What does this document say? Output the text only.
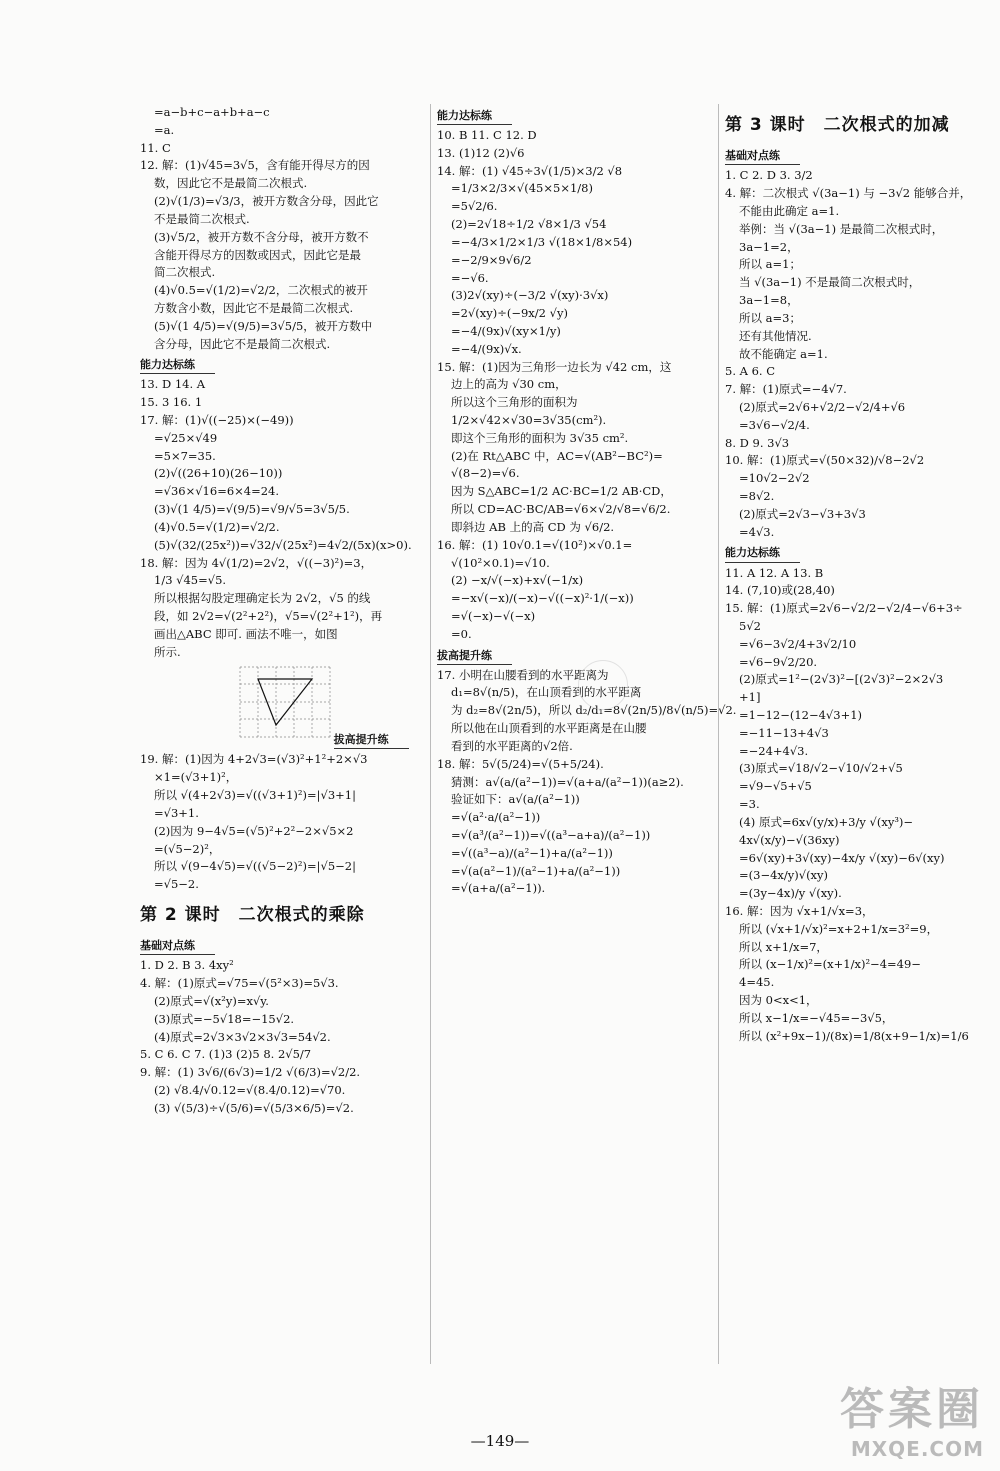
=a−b+c−a+b+a−c
=a.
11. C
12. 解：(1)√45=3√5，含有能开得尽方的因
数，因此它不是最简二次根式.
(2)√(1/3)=√3/3，被开方数含分母，因此它
不是最简二次根式.
(3)√5/2，被开方数不含分母，被开方数不
含能开得尽方的因数或因式，因此它是最
简二次根式.
(4)√0.5=√(1/2)=√2/2，二次根式的被开
方数含小数，因此它不是最简二次根式.
(5)√(1 4/5)=√(9/5)=3√5/5，被开方数中
含分母，因此它不是最简二次根式.
能力达标练
13. D 14. A
15. 3 16. 1
17. 解：(1)√((−25)×(−49))
=√25×√49
=5×7=35.
(2)√((26+10)(26−10))
=√36×√16=6×4=24.
(3)√(1 4/5)=√(9/5)=√9/√5=3√5/5.
(4)√0.5=√(1/2)=√2/2.
(5)√(32/(25x²))=√32/√(25x²)=4√2/(5x)(x>0).
18. 解：因为 4√(1/2)=2√2，√((−3)²)=3，
1/3 √45=√5.
所以根据勾股定理确定长为 2√2，√5 的线
段，如 2√2=√(2²+2²)，√5=√(2²+1²)，再
画出△ABC 即可. 画法不唯一，如图
所示.
拔高提升练
19. 解：(1)因为 4+2√3=(√3)²+1²+2×√3
×1=(√3+1)²，
所以 √(4+2√3)=√((√3+1)²)=|√3+1|
=√3+1.
(2)因为 9−4√5=(√5)²+2²−2×√5×2
=(√5−2)²，
所以 √(9−4√5)=√((√5−2)²)=|√5−2|
=√5−2.
第 2 课时　二次根式的乘除
基础对点练
1. D 2. B 3. 4xy²
4. 解：(1)原式=√75=√(5²×3)=5√3.
(2)原式=√(x²y)=x√y.
(3)原式=−5√18=−15√2.
(4)原式=2√3×3√2×3√3=54√2.
5. C 6. C 7. (1)3 (2)5 8. 2√5/7
9. 解：(1) 3√6/(6√3)=1/2 √(6/3)=√2/2.
(2) √8.4/√0.12=√(8.4/0.12)=√70.
(3) √(5/3)÷√(5/6)=√(5/3×6/5)=√2.
能力达标练
10. B 11. C 12. D
13. (1)12 (2)√6
14. 解：(1) √45÷3√(1/5)×3/2 √8
=1/3×2/3×√(45×5×1/8)
=5√2/6.
(2)=2√18÷1/2 √8×1/3 √54
=−4/3×1/2×1/3 √(18×1/8×54)
=−2/9×9√6/2
=−√6.
(3)2√(xy)÷(−3/2 √(xy)·3√x)
=2√(xy)÷(−9x/2 √y)
=−4/(9x)√(xy×1/y)
=−4/(9x)√x.
15. 解：(1)因为三角形一边长为 √42 cm，这
边上的高为 √30 cm，
所以这个三角形的面积为
1/2×√42×√30=3√35(cm²).
即这个三角形的面积为 3√35 cm².
(2)在 Rt△ABC 中，AC=√(AB²−BC²)=
√(8−2)=√6.
因为 S△ABC=1/2 AC·BC=1/2 AB·CD，
所以 CD=AC·BC/AB=√6×√2/√8=√6/2.
即斜边 AB 上的高 CD 为 √6/2.
16. 解：(1) 10√0.1=√(10²)×√0.1=
√(10²×0.1)=√10.
(2) −x/√(−x)+x√(−1/x)
=−x√(−x)/(−x)−√((−x)²·1/(−x))
=√(−x)−√(−x)
=0.
拔高提升练
17. 小明在山腰看到的水平距离为
d₁=8√(n/5)，在山顶看到的水平距离
为 d₂=8√(2n/5)，所以 d₂/d₁=8√(2n/5)/8√(n/5)=√2.
所以他在山顶看到的水平距离是在山腰
看到的水平距离的√2倍.
18. 解：5√(5/24)=√(5+5/24).
猜测：a√(a/(a²−1))=√(a+a/(a²−1))(a≥2).
验证如下：a√(a/(a²−1))
=√(a²·a/(a²−1))
=√(a³/(a²−1))=√((a³−a+a)/(a²−1))
=√((a³−a)/(a²−1)+a/(a²−1))
=√(a(a²−1)/(a²−1)+a/(a²−1))
=√(a+a/(a²−1)).
第 3 课时　二次根式的加减
基础对点练
1. C 2. D 3. 3/2
4. 解：二次根式 √(3a−1) 与 −3√2 能够合并，
不能由此确定 a=1.
举例：当 √(3a−1) 是最简二次根式时，
3a−1=2，
所以 a=1；
当 √(3a−1) 不是最简二次根式时，
3a−1=8，
所以 a=3；
还有其他情况.
故不能确定 a=1.
5. A 6. C
7. 解：(1)原式=−4√7.
(2)原式=2√6+√2/2−√2/4+√6
=3√6−√2/4.
8. D 9. 3√3
10. 解：(1)原式=√(50×32)/√8−2√2
=10√2−2√2
=8√2.
(2)原式=2√3−√3+3√3
=4√3.
能力达标练
11. A 12. A 13. B
14. (7,10)或(28,40)
15. 解：(1)原式=2√6−√2/2−√2/4−√6+3÷
5√2
=√6−3√2/4+3√2/10
=√6−9√2/20.
(2)原式=1²−(2√3)²−[(2√3)²−2×2√3
+1]
=1−12−(12−4√3+1)
=−11−13+4√3
=−24+4√3.
(3)原式=√18/√2−√10/√2+√5
=√9−√5+√5
=3.
(4) 原式=6x√(y/x)+3/y √(xy³)−
4x√(x/y)−√(36xy)
=6√(xy)+3√(xy)−4x/y √(xy)−6√(xy)
=(3−4x/y)√(xy)
=(3y−4x)/y √(xy).
16. 解：因为 √x+1/√x=3，
所以 (√x+1/√x)²=x+2+1/x=3²=9，
所以 x+1/x=7，
所以 (x−1/x)²=(x+1/x)²−4=49−
4=45.
因为 0<x<1，
所以 x−1/x=−√45=−3√5，
所以 (x²+9x−1)/(8x)=1/8(x+9−1/x)=1/6
—149—
答案圈
MXQE.COM
